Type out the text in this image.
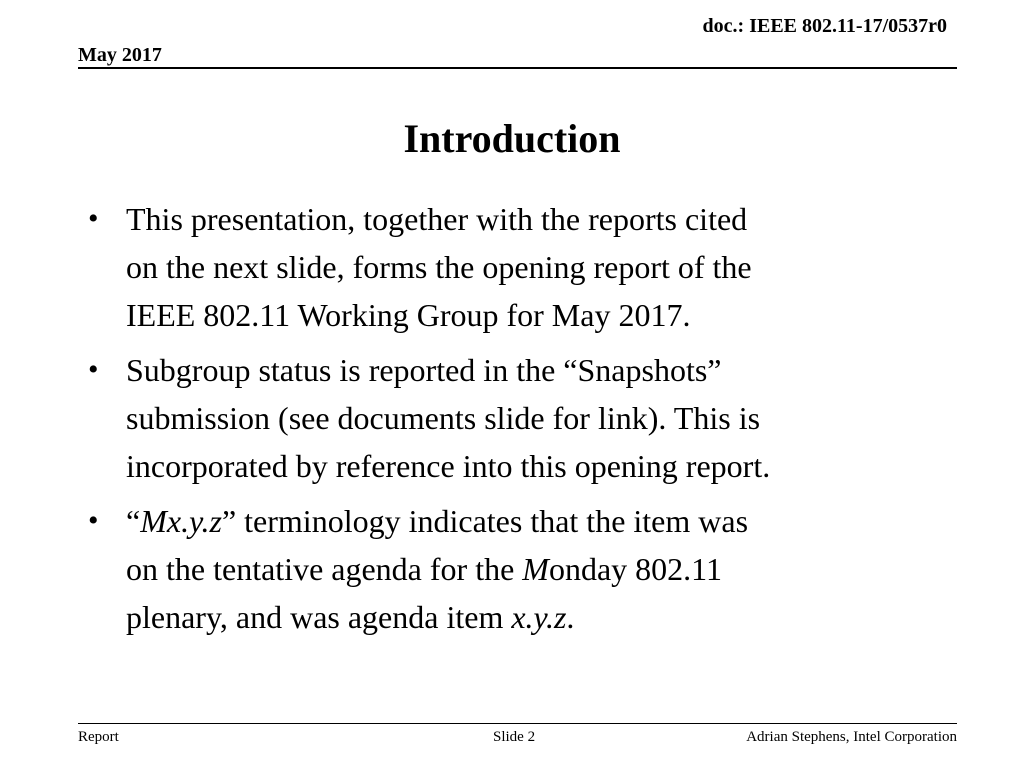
doc.: IEEE 802.11-17/0537r0
May 2017
Introduction
• This presentation, together with the reports cited
on the next slide, forms the opening report of the
IEEE 802.11 Working Group for May 2017.
• Subgroup status is reported in the “Snapshots”
submission (see documents slide for link). This is
incorporated by reference into this opening report.
• “Mx.y.z” terminology indicates that the item was
on the tentative agenda for the Monday 802.11
plenary, and was agenda item x.y.z.
Report	Slide 2	Adrian Stephens, Intel Corporation
